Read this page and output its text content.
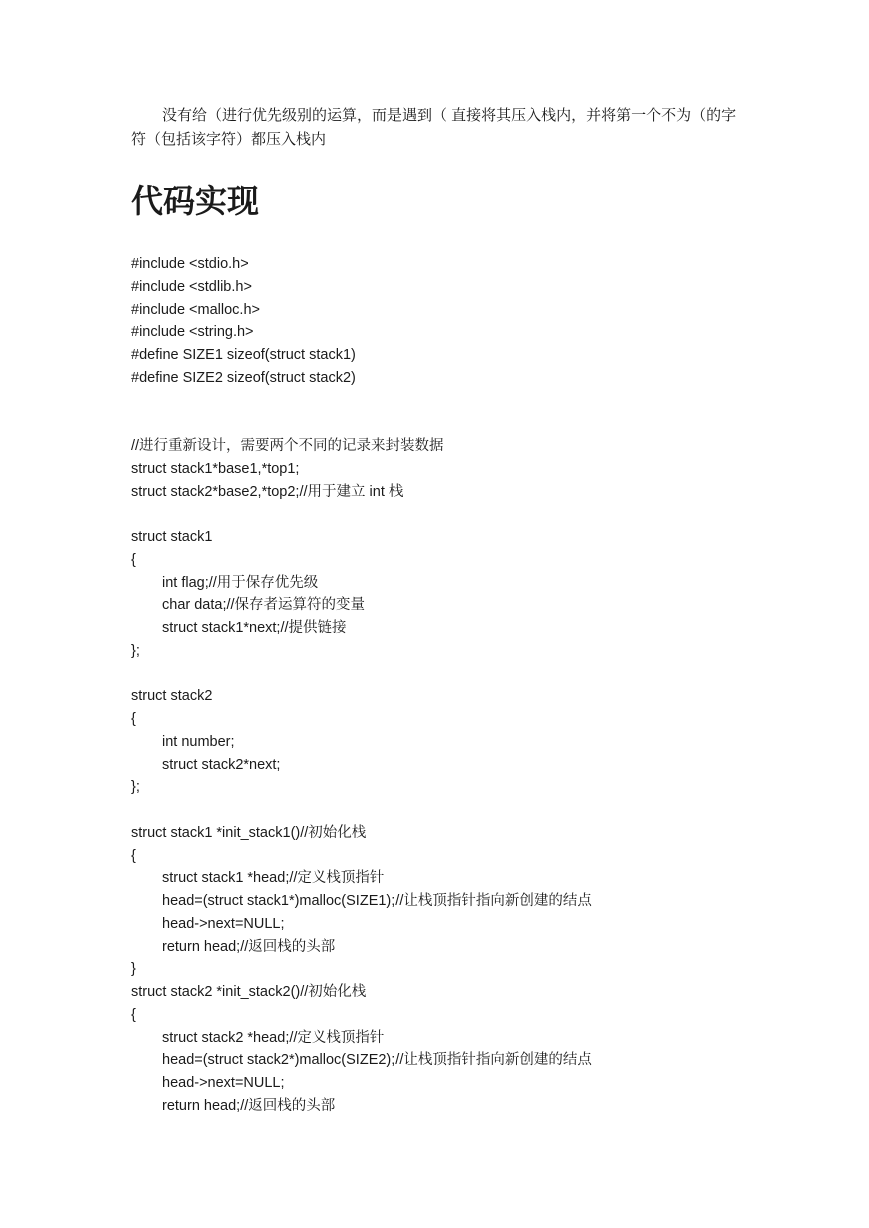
没有给（进行优先级别的运算，而是遇到（ 直接将其压入栈内，并将第一个不为（的字符（包括该字符）都压入栈内

代码实现
#include <stdio.h>
#include <stdlib.h>
#include <malloc.h>
#include <string.h>
#define SIZE1 sizeof(struct stack1)
#define SIZE2 sizeof(struct stack2)
//进行重新设计，需要两个不同的记录来封装数据
struct stack1*base1,*top1;
struct stack2*base2,*top2;//用于建立 int 栈
struct stack1
{
int flag;//用于保存优先级
char data;//保存者运算符的变量
struct stack1*next;//提供链接
};
struct stack2
{
int number;
struct stack2*next;
};
struct stack1 *init_stack1()//初始化栈
{
struct stack1 *head;//定义栈顶指针
head=(struct stack1*)malloc(SIZE1);//让栈顶指针指向新创建的结点
head->next=NULL;
return head;//返回栈的头部
}
struct stack2 *init_stack2()//初始化栈
{
struct stack2 *head;//定义栈顶指针
head=(struct stack2*)malloc(SIZE2);//让栈顶指针指向新创建的结点
head->next=NULL;
return head;//返回栈的头部
